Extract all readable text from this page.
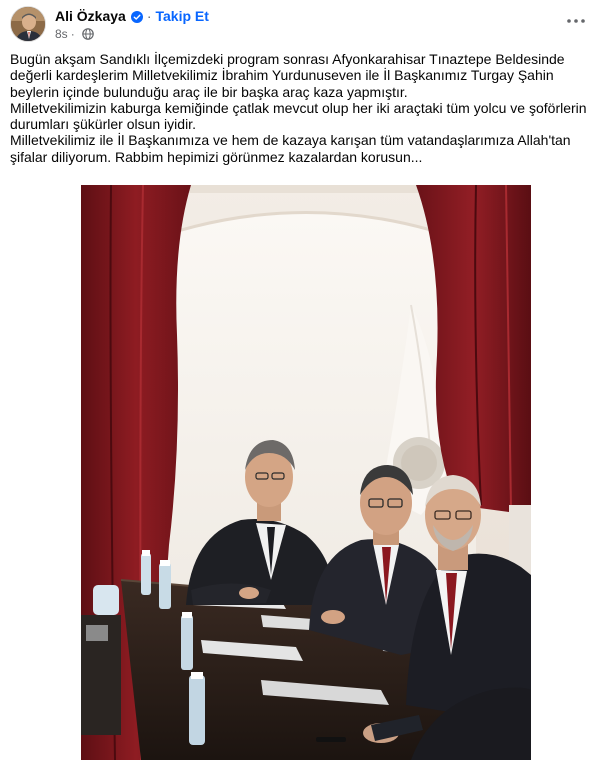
Ali Özkaya · Takip Et
8s ·

Bugün akşam Sandıklı İlçemizdeki program sonrası Afyonkarahisar Tınaztepe Beldesinde değerli kardeşlerim Milletvekilimiz İbrahim Yurdunuseven ile İl Başkanımız Turgay Şahin beylerin içinde bulunduğu araç ile bir başka araç kaza yapmıştır.

Milletvekilimizin kaburga kemiğinde çatlak mevcut olup her iki araçtaki tüm yolcu ve şoförlerin durumları şükürler olsun iyidir.

Milletvekilimiz ile İl Başkanımıza ve hem de kazaya karışan tüm vatandaşlarımıza Allah'tan şifalar diliyorum. Rabbim hepimizi görünmez kazalardan korusun...
